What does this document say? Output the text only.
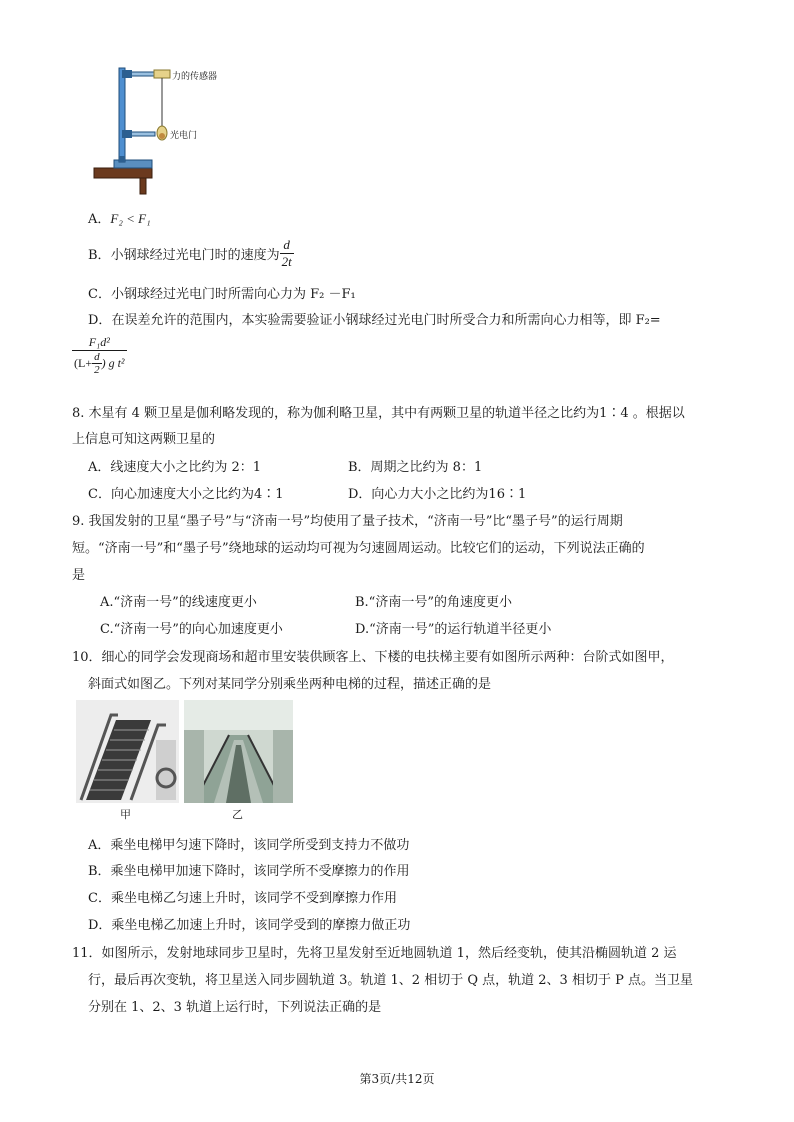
力的传感器
光电门
A．F₂ < F₁
B． 小钢球经过光电门时的速度为 $\frac{d}{2t}$
C．小钢球经过光电门时所需向心力为 F₂ －F₁
D．在误差允许的范围内，本实验需要验证小钢球经过光电门时所受合力和所需向心力相等，即 F₂=
$\frac{\text{F₁d²}}{(L+ \frac{d}{2} ) g t^2}$
8. 木星有 4 颗卫星是伽利略发现的，称为伽利略卫星，其中有两颗卫星的轨道半径之比约为1∶4 。根据以
上信息可知这两颗卫星的
A．线速度大小之比约为 2：1	B．周期之比约为 8：1
C．向心加速度大小之比约为4∶1	D．向心力大小之比约为16∶1
9. 我国发射的卫星“墨子号”与“济南一号”均使用了量子技术，“济南一号”比“墨子号”的运行周期
短。“济南一号”和“墨子号”绕地球的运动均可视为匀速圆周运动。比较它们的运动，下列说法正确的
是
A.“济南一号”的线速度更小	B.“济南一号”的角速度更小
C.“济南一号”的向心加速度更小	D.“济南一号”的运行轨道半径更小
10．细心的同学会发现商场和超市里安装供顾客上、下楼的电扶梯主要有如图所示两种：台阶式如图甲，
斜面式如图乙。下列对某同学分别乘坐两种电梯的过程，描述正确的是
甲	乙
A．乘坐电梯甲匀速下降时，该同学所受到支持力不做功
B．乘坐电梯甲加速下降时，该同学所不受摩擦力的作用
C．乘坐电梯乙匀速上升时，该同学不受到摩擦力作用
D．乘坐电梯乙加速上升时，该同学受到的摩擦力做正功
11．如图所示，发射地球同步卫星时，先将卫星发射至近地圆轨道 1，然后经变轨，使其沿椭圆轨道 2 运
行，最后再次变轨，将卫星送入同步圆轨道 3。轨道 1、2 相切于 Q 点，轨道 2、3 相切于 P 点。当卫星
分别在 1、2、3 轨道上运行时，下列说法正确的是
第3页/共12页
